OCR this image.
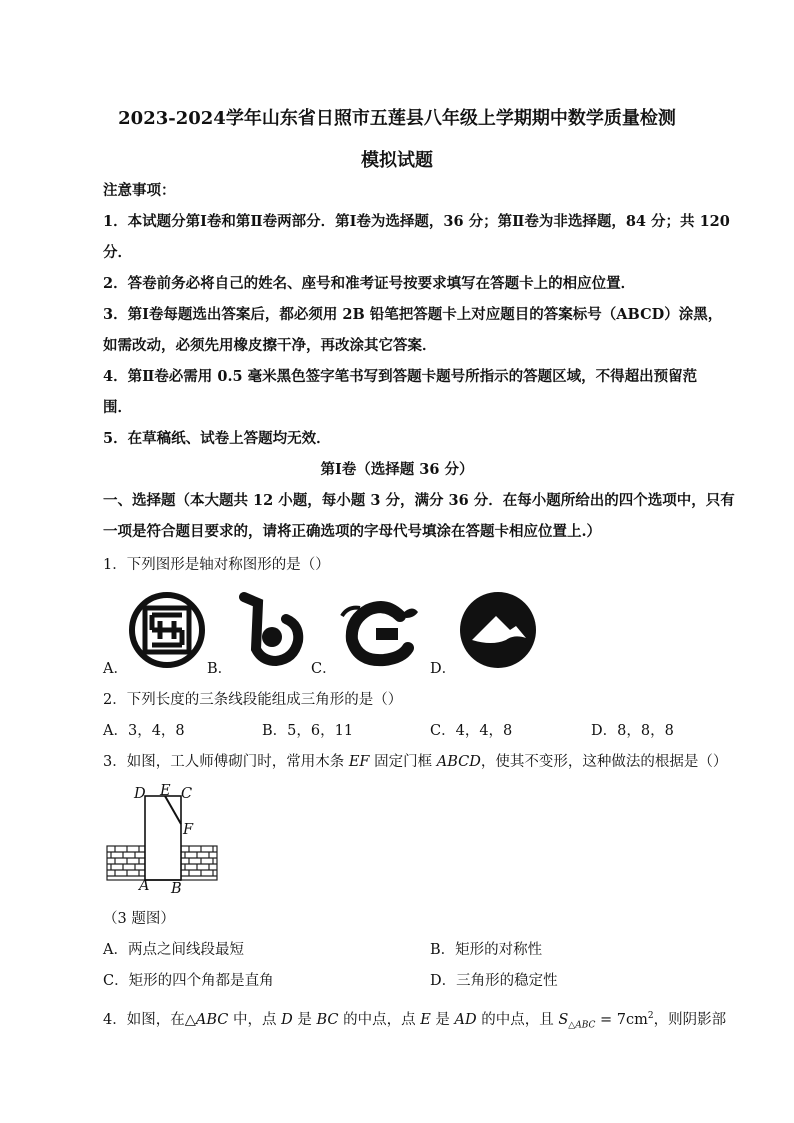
2023-2024学年山东省日照市五莲县八年级上学期期中数学质量检测
模拟试题
注意事项：
1．本试题分第Ⅰ卷和第Ⅱ卷两部分．第Ⅰ卷为选择题，36 分；第Ⅱ卷为非选择题，84 分；共 120
分．
2．答卷前务必将自己的姓名、座号和准考证号按要求填写在答题卡上的相应位置．
3．第Ⅰ卷每题选出答案后，都必须用 2B 铅笔把答题卡上对应题目的答案标号（ABCD）涂黑，
如需改动，必须先用橡皮擦干净，再改涂其它答案．
4．第Ⅱ卷必需用 0.5 毫米黑色签字笔书写到答题卡题号所指示的答题区域，不得超出预留范
围．
5．在草稿纸、试卷上答题均无效．
第Ⅰ卷（选择题 36 分）
一、选择题（本大题共 12 小题，每小题 3 分，满分 36 分．在每小题所给出的四个选项中，只有
一项是符合题目要求的，请将正确选项的字母代号填涂在答题卡相应位置上.）
1．下列图形是轴对称图形的是（）
A．	B．	C．	D．
2．下列长度的三条线段能组成三角形的是（）
A．3，4，8	B．5，6，11	C．4，4，8	D．8，8，8
3．如图，工人师傅砌门时，常用木条 EF 固定门框 ABCD，使其不变形，这种做法的根据是（）
D E C
F
A B
（3 题图）
A．两点之间线段最短	B．矩形的对称性
C．矩形的四个角都是直角	D．三角形的稳定性
4．如图，在△ABC 中，点 D 是 BC 的中点，点 E 是 AD 的中点，且 $S_{\triangle ABC} = 7cm^2$，则阴影部
